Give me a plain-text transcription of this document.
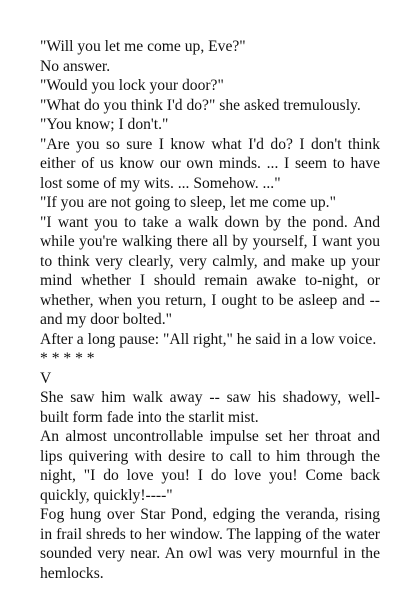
"Will you let me come up, Eve?"

No answer.

"Would you lock your door?"

"What do you think I'd do?" she asked tremulously.

"You know; I don't."

"Are you so sure I know what I'd do? I don't think either of us know our own minds. ... I seem to have lost some of my wits. ... Somehow. ..."

"If you are not going to sleep, let me come up."

"I want you to take a walk down by the pond. And while you're walking there all by yourself, I want you to think very clearly, very calmly, and make up your mind whether I should remain awake to-night, or whether, when you return, I ought to be asleep and -- and my door bolted."

After a long pause: "All right," he said in a low voice.

* * * * *

V

She saw him walk away -- saw his shadowy, well-built form fade into the starlit mist.

An almost uncontrollable impulse set her throat and lips quivering with desire to call to him through the night, "I do love you! I do love you! Come back quickly, quickly!----"

Fog hung over Star Pond, edging the veranda, rising in frail shreds to her window. The lapping of the water sounded very near. An owl was very mournful in the hemlocks.
